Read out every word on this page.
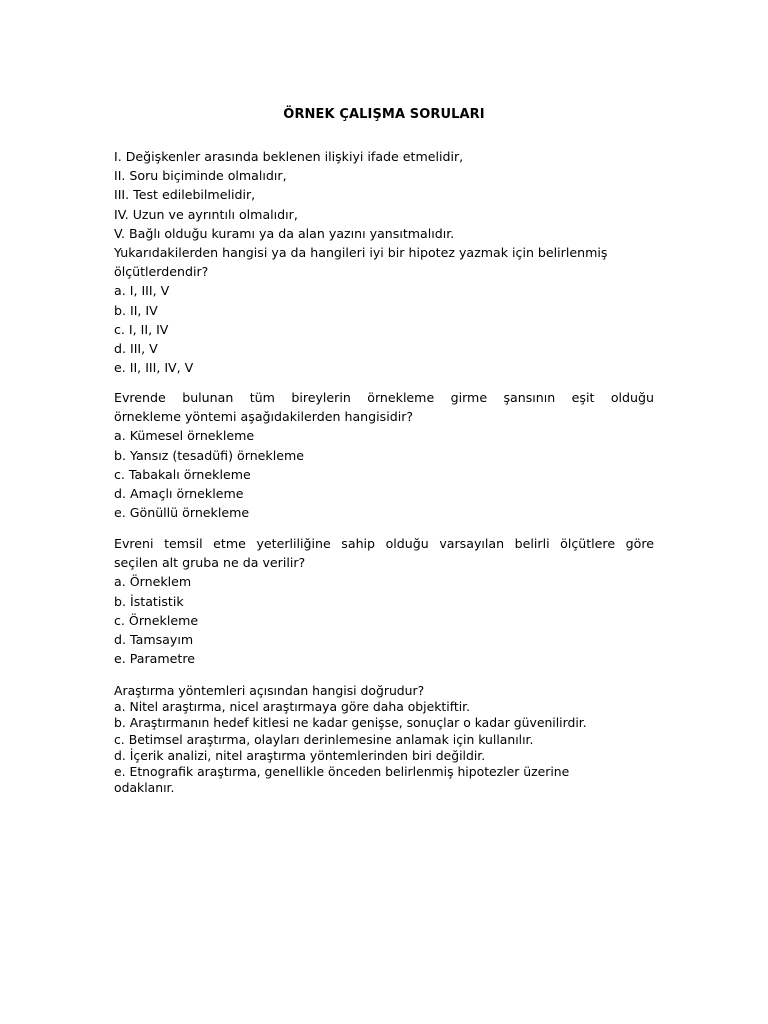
ÖRNEK ÇALIŞMA SORULARI
I. Değişkenler arasında beklenen ilişkiyi ifade etmelidir,
II. Soru biçiminde olmalıdır,
III. Test edilebilmelidir,
IV. Uzun ve ayrıntılı olmalıdır,
V. Bağlı olduğu kuramı ya da alan yazını yansıtmalıdır.
Yukarıdakilerden hangisi ya da hangileri iyi bir hipotez yazmak için belirlenmiş
ölçütlerdendir?
a. I, III, V
b. II, IV
c. I, II, IV
d. III, V
e. II, III, IV, V
Evrende bulunan tüm bireylerin örnekleme girme şansının eşit olduğu
örnekleme yöntemi aşağıdakilerden hangisidir?
a. Kümesel örnekleme
b. Yansız (tesadüfi) örnekleme
c. Tabakalı örnekleme
d. Amaçlı örnekleme
e. Gönüllü örnekleme
Evreni temsil etme yeterliliğine sahip olduğu varsayılan belirli ölçütlere göre
seçilen alt gruba ne da verilir?
a. Örneklem
b. İstatistik
c. Örnekleme
d. Tamsayım
e. Parametre
Araştırma yöntemleri açısından hangisi doğrudur?
a. Nitel araştırma, nicel araştırmaya göre daha objektiftir.
b. Araştırmanın hedef kitlesi ne kadar genişse, sonuçlar o kadar güvenilirdir.
c. Betimsel araştırma, olayları derinlemesine anlamak için kullanılır.
d. İçerik analizi, nitel araştırma yöntemlerinden biri değildir.
e. Etnografik araştırma, genellikle önceden belirlenmiş hipotezler üzerine
odaklanır.
